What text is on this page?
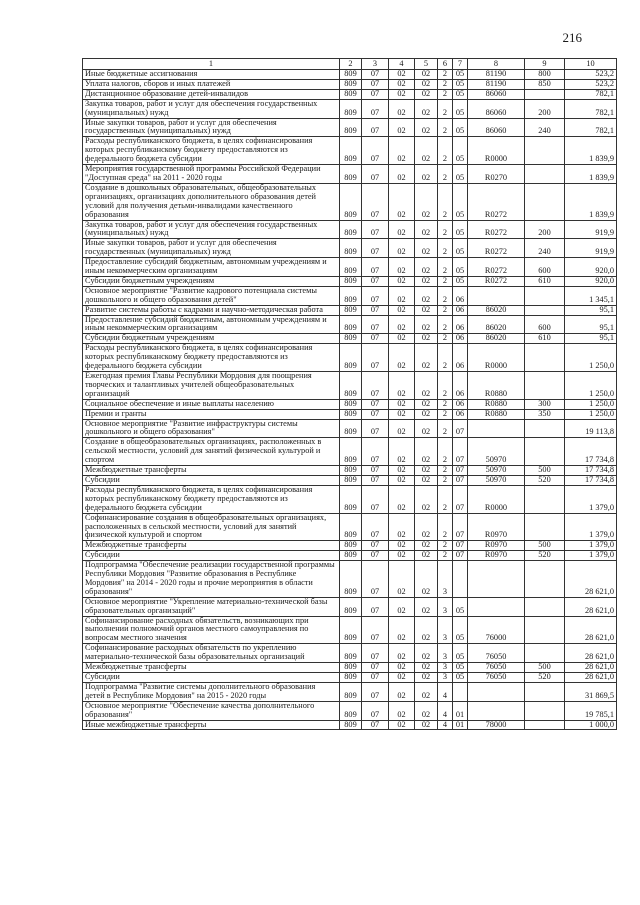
216
1	2	3	4	5	6	7	8	9	10
Иные бюджетные ассигнования	809	07	02	02	2	05	81190	800	523,2
Уплата налогов, сборов и иных платежей	809	07	02	02	2	05	81190	850	523,2
Дистанционное образование детей-инвалидов	809	07	02	02	2	05	86060		782,1
Закупка товаров, работ и услуг для обеспечения государственных (муниципальных) нужд	809	07	02	02	2	05	86060	200	782,1
Иные закупки товаров, работ и услуг для обеспечения государственных (муниципальных) нужд	809	07	02	02	2	05	86060	240	782,1
Расходы республиканского бюджета, в целях софинансирования которых республиканскому бюджету предоставляются из федерального бюджета субсидии	809	07	02	02	2	05	R0000		1 839,9
Мероприятия государственной программы Российской Федерации "Доступная среда" на 2011 - 2020 годы	809	07	02	02	2	05	R0270		1 839,9
Создание в дошкольных образовательных, общеобразовательных организациях, организациях дополнительного образования детей условий для получения детьми-инвалидами качественного образования	809	07	02	02	2	05	R0272		1 839,9
Закупка товаров, работ и услуг для обеспечения государственных (муниципальных) нужд	809	07	02	02	2	05	R0272	200	919,9
Иные закупки товаров, работ и услуг для обеспечения государственных (муниципальных) нужд	809	07	02	02	2	05	R0272	240	919,9
Предоставление субсидий бюджетным, автономным учреждениям и иным некоммерческим организациям	809	07	02	02	2	05	R0272	600	920,0
Субсидии бюджетным учреждениям	809	07	02	02	2	05	R0272	610	920,0
Основное мероприятие "Развитие кадрового потенциала системы дошкольного и общего образования детей"	809	07	02	02	2	06			1 345,1
Развитие системы работы с кадрами и научно-методическая работа	809	07	02	02	2	06	86020		95,1
Предоставление субсидий бюджетным, автономным учреждениям и иным некоммерческим организациям	809	07	02	02	2	06	86020	600	95,1
Субсидии бюджетным учреждениям	809	07	02	02	2	06	86020	610	95,1
Расходы республиканского бюджета, в целях софинансирования которых республиканскому бюджету предоставляются из федерального бюджета субсидии	809	07	02	02	2	06	R0000		1 250,0
Ежегодная премия Главы Республики Мордовия для поощрения творческих и талантливых учителей общеобразовательных организаций	809	07	02	02	2	06	R0880		1 250,0
Социальное обеспечение и иные выплаты населению	809	07	02	02	2	06	R0880	300	1 250,0
Премии и гранты	809	07	02	02	2	06	R0880	350	1 250,0
Основное мероприятие "Развитие инфраструктуры системы дошкольного и общего образования"	809	07	02	02	2	07			19 113,8
Создание в общеобразовательных организациях, расположенных в сельской местности, условий для занятий физической культурой и спортом	809	07	02	02	2	07	50970		17 734,8
Межбюджетные трансферты	809	07	02	02	2	07	50970	500	17 734,8
Субсидии	809	07	02	02	2	07	50970	520	17 734,8
Расходы республиканского бюджета, в целях софинансирования которых республиканскому бюджету предоставляются из федерального бюджета субсидии	809	07	02	02	2	07	R0000		1 379,0
Софинансирование создания в общеобразовательных организациях, расположенных в сельской местности, условий для занятий физической культурой и спортом	809	07	02	02	2	07	R0970		1 379,0
Межбюджетные трансферты	809	07	02	02	2	07	R0970	500	1 379,0
Субсидии	809	07	02	02	2	07	R0970	520	1 379,0
Подпрограмма "Обеспечение реализации государственной программы Республики Мордовия "Развитие образования в Республике Мордовия" на 2014 - 2020 годы и прочие мероприятия в области образования"	809	07	02	02	3				28 621,0
Основное мероприятие "Укрепление материально-технической базы образовательных организаций"	809	07	02	02	3	05			28 621,0
Софинансирование расходных обязательств, возникающих при выполнении полномочий органов местного самоуправления по вопросам местного значения	809	07	02	02	3	05	76000		28 621,0
Софинансирование расходных обязательств по укреплению материально-технической базы образовательных организаций	809	07	02	02	3	05	76050		28 621,0
Межбюджетные трансферты	809	07	02	02	3	05	76050	500	28 621,0
Субсидии	809	07	02	02	3	05	76050	520	28 621,0
Подпрограмма "Развитие системы дополнительного образования детей в Республике Мордовия" на 2015 - 2020 годы	809	07	02	02	4				31 869,5
Основное мероприятие "Обеспечение качества дополнительного образования"	809	07	02	02	4	01			19 785,1
Иные межбюджетные трансферты	809	07	02	02	4	01	78000		1 000,0
